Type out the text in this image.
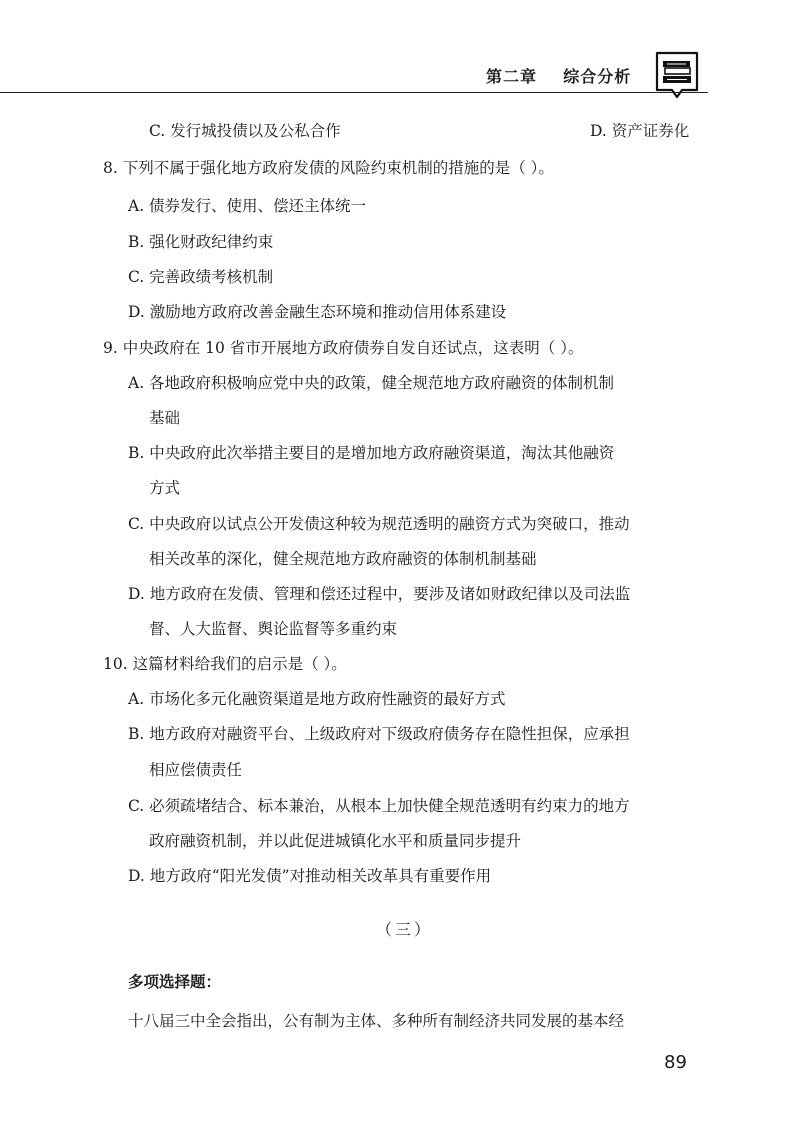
第二章 综合分析
C. 发行城投债以及公私合作	D. 资产证券化
8. 下列不属于强化地方政府发债的风险约束机制的措施的是（ ）。
A. 债券发行、使用、偿还主体统一
B. 强化财政纪律约束
C. 完善政绩考核机制
D. 激励地方政府改善金融生态环境和推动信用体系建设
9. 中央政府在 10 省市开展地方政府债券自发自还试点，这表明（ ）。
A. 各地政府积极响应党中央的政策，健全规范地方政府融资的体制机制
基础
B. 中央政府此次举措主要目的是增加地方政府融资渠道，淘汰其他融资
方式
C. 中央政府以试点公开发债这种较为规范透明的融资方式为突破口，推动
相关改革的深化，健全规范地方政府融资的体制机制基础
D. 地方政府在发债、管理和偿还过程中，要涉及诸如财政纪律以及司法监
督、人大监督、舆论监督等多重约束
10. 这篇材料给我们的启示是（ ）。
A. 市场化多元化融资渠道是地方政府性融资的最好方式
B. 地方政府对融资平台、上级政府对下级政府债务存在隐性担保，应承担
相应偿债责任
C. 必须疏堵结合、标本兼治，从根本上加快健全规范透明有约束力的地方
政府融资机制，并以此促进城镇化水平和质量同步提升
D. 地方政府“阳光发债”对推动相关改革具有重要作用
（三）
多项选择题：
十八届三中全会指出，公有制为主体、多种所有制经济共同发展的基本经
89
